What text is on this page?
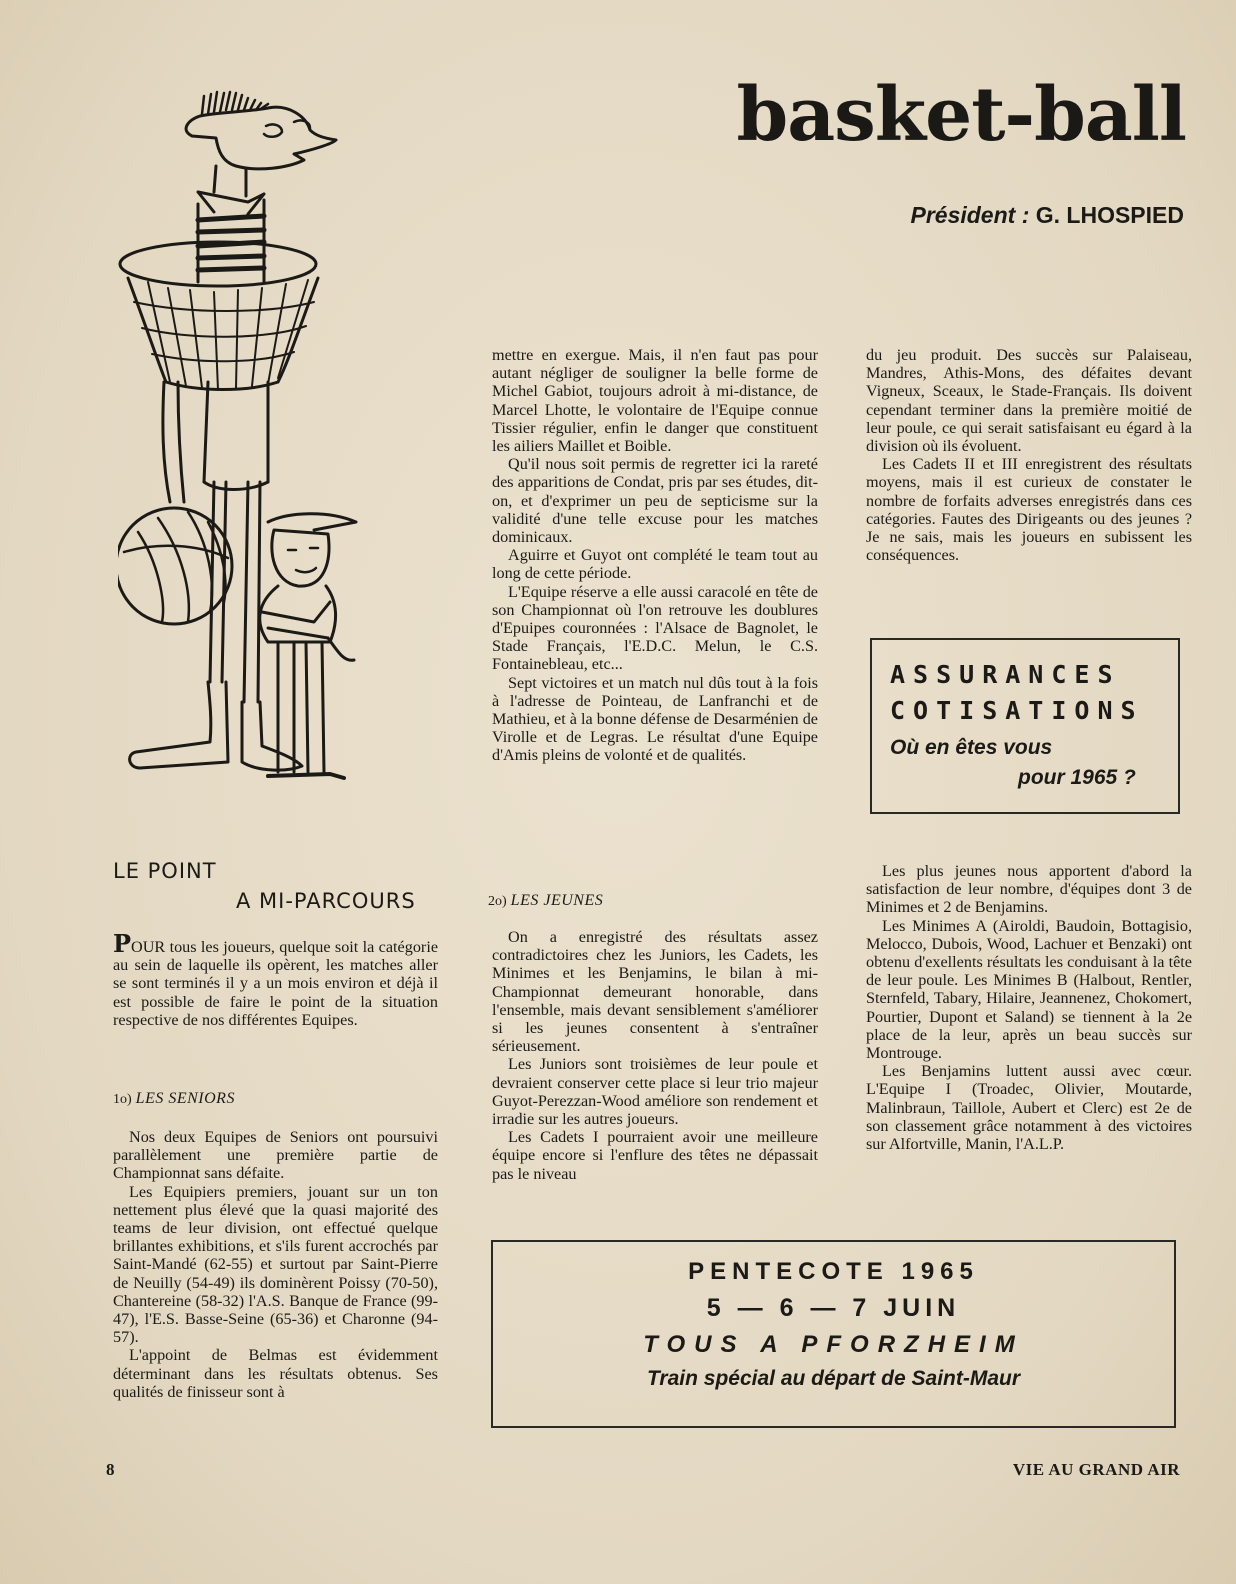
basket-ball
Président : G. LHOSPIED
LE POINT
A MI-PARCOURS

POUR tous les joueurs, quelque soit la catégorie au sein de laquelle ils opèrent, les matches aller se sont terminés il y a un mois environ et déjà il est possible de faire le point de la situation respective de nos différentes Equipes.

1o) LES SENIORS

Nos deux Equipes de Seniors ont poursuivi parallèlement une première partie de Championnat sans défaite.

Les Equipiers premiers, jouant sur un ton nettement plus élevé que la quasi majorité des teams de leur division, ont effectué quelque brillantes exhibitions, et s'ils furent accrochés par Saint-Mandé (62-55) et surtout par Saint-Pierre de Neuilly (54-49) ils dominèrent Poissy (70-50), Chantereine (58-32) l'A.S. Banque de France (99-47), l'E.S. Basse-Seine (65-36) et Charonne (94-57).

L'appoint de Belmas est évidemment déterminant dans les résultats obtenus. Ses qualités de finisseur sont à

mettre en exergue. Mais, il n'en faut pas pour autant négliger de souligner la belle forme de Michel Gabiot, toujours adroit à mi-distance, de Marcel Lhotte, le volontaire de l'Equipe connue Tissier régulier, enfin le danger que constituent les ailiers Maillet et Boible.

Qu'il nous soit permis de regretter ici la rareté des apparitions de Condat, pris par ses études, dit-on, et d'exprimer un peu de septicisme sur la validité d'une telle excuse pour les matches dominicaux.

Aguirre et Guyot ont complété le team tout au long de cette période.

L'Equipe réserve a elle aussi caracolé en tête de son Championnat où l'on retrouve les doublures d'Epuipes couronnées : l'Alsace de Bagnolet, le Stade Français, l'E.D.C. Melun, le C.S. Fontainebleau, etc...

Sept victoires et un match nul dûs tout à la fois à l'adresse de Pointeau, de Lanfranchi et de Mathieu, et à la bonne défense de Desarménien de Virolle et de Legras. Le résultat d'une Equipe d'Amis pleins de volonté et de qualités.

2o) LES JEUNES

On a enregistré des résultats assez contradictoires chez les Juniors, les Cadets, les Minimes et les Benjamins, le bilan à mi-Championnat demeurant honorable, dans l'ensemble, mais devant sensiblement s'améliorer si les jeunes consentent à s'entraîner sérieusement.

Les Juniors sont troisièmes de leur poule et devraient conserver cette place si leur trio majeur Guyot-Perezzan-Wood améliore son rendement et irradie sur les autres joueurs.

Les Cadets I pourraient avoir une meilleure équipe encore si l'enflure des têtes ne dépassait pas le niveau

du jeu produit. Des succès sur Palaiseau, Mandres, Athis-Mons, des défaites devant Vigneux, Sceaux, le Stade-Français. Ils doivent cependant terminer dans la première moitié de leur poule, ce qui serait satisfaisant eu égard à la division où ils évoluent.

Les Cadets II et III enregistrent des résultats moyens, mais il est curieux de constater le nombre de forfaits adverses enregistrés dans ces catégories. Fautes des Dirigeants ou des jeunes ? Je ne sais, mais les joueurs en subissent les conséquences.

ASSURANCES
COTISATIONS
Où en êtes vous
pour 1965 ?

Les plus jeunes nous apportent d'abord la satisfaction de leur nombre, d'équipes dont 3 de Minimes et 2 de Benjamins.

Les Minimes A (Airoldi, Baudoin, Bottagisio, Melocco, Dubois, Wood, Lachuer et Benzaki) ont obtenu d'exellents résultats les conduisant à la tête de leur poule. Les Minimes B (Halbout, Rentler, Sternfeld, Tabary, Hilaire, Jeannenez, Chokomert, Pourtier, Dupont et Saland) se tiennent à la 2e place de la leur, après un beau succès sur Montrouge.

Les Benjamins luttent aussi avec cœur. L'Equipe I (Troadec, Olivier, Moutarde, Malinbraun, Taillole, Aubert et Clerc) est 2e de son classement grâce notamment à des victoires sur Alfortville, Manin, l'A.L.P.

PENTECOTE 1965
5 — 6 — 7 JUIN
TOUS A PFORZHEIM
Train spécial au départ de Saint-Maur
8	VIE AU GRAND AIR
